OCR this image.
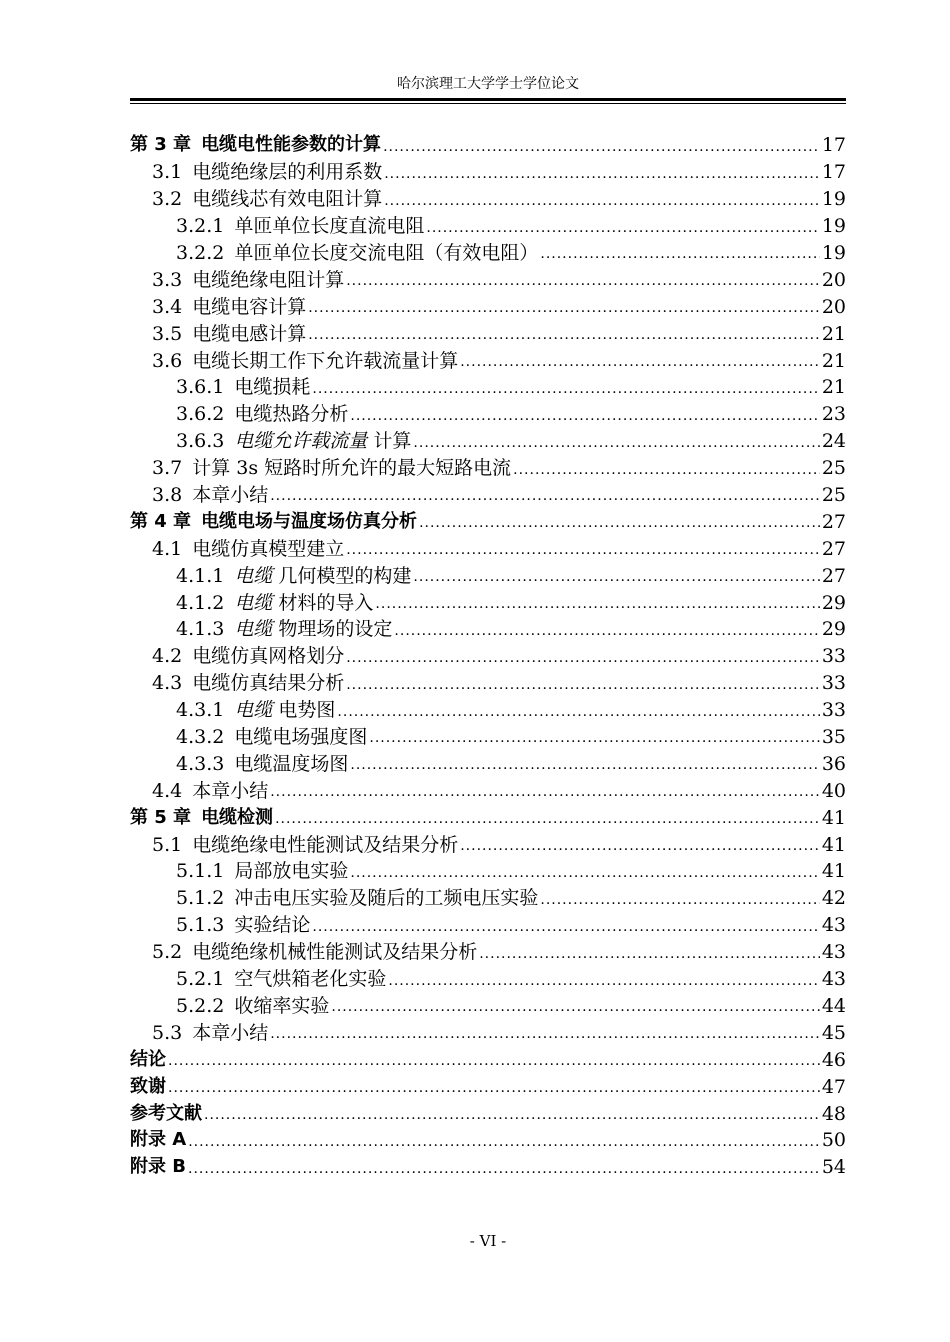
哈尔滨理工大学学士学位论文
第 3 章 电缆电性能参数的计算 .....	17
3.1 电缆绝缘层的利用系数 .....	17
3.2 电缆线芯有效电阻计算 .....	19
3.2.1 单匝单位长度直流电阻 .....	19
3.2.2 单匝单位长度交流电阻（有效电阻） .....	19
3.3 电缆绝缘电阻计算 .....	20
3.4 电缆电容计算 .....	20
3.5 电缆电感计算 .....	21
3.6 电缆长期工作下允许载流量计算 .....	21
3.6.1 电缆损耗 .....	21
3.6.2 电缆热路分析 .....	23
3.6.3 电缆允许载流量 计算 .....	24
3.7 计算 3s 短路时所允许的最大短路电流 .....	25
3.8 本章小结 .....	25
第 4 章 电缆电场与温度场仿真分析 .....	27
4.1 电缆仿真模型建立 .....	27
4.1.1 电缆 几何模型的构建 .....	27
4.1.2 电缆 材料的导入 .....	29
4.1.3 电缆 物理场的设定 .....	29
4.2 电缆仿真网格划分 .....	33
4.3 电缆仿真结果分析 .....	33
4.3.1 电缆 电势图 .....	33
4.3.2 电缆电场强度图 .....	35
4.3.3 电缆温度场图 .....	36
4.4 本章小结 .....	40
第 5 章 电缆检测 .....	41
5.1 电缆绝缘电性能测试及结果分析 .....	41
5.1.1 局部放电实验 .....	41
5.1.2 冲击电压实验及随后的工频电压实验 .....	42
5.1.3 实验结论 .....	43
5.2 电缆绝缘机械性能测试及结果分析 .....	43
5.2.1 空气烘箱老化实验 .....	43
5.2.2 收缩率实验 .....	44
5.3 本章小结 .....	45
结论 .....	46
致谢 .....	47
参考文献 .....	48
附录 A .....	50
附录 B .....	54
- VI -
